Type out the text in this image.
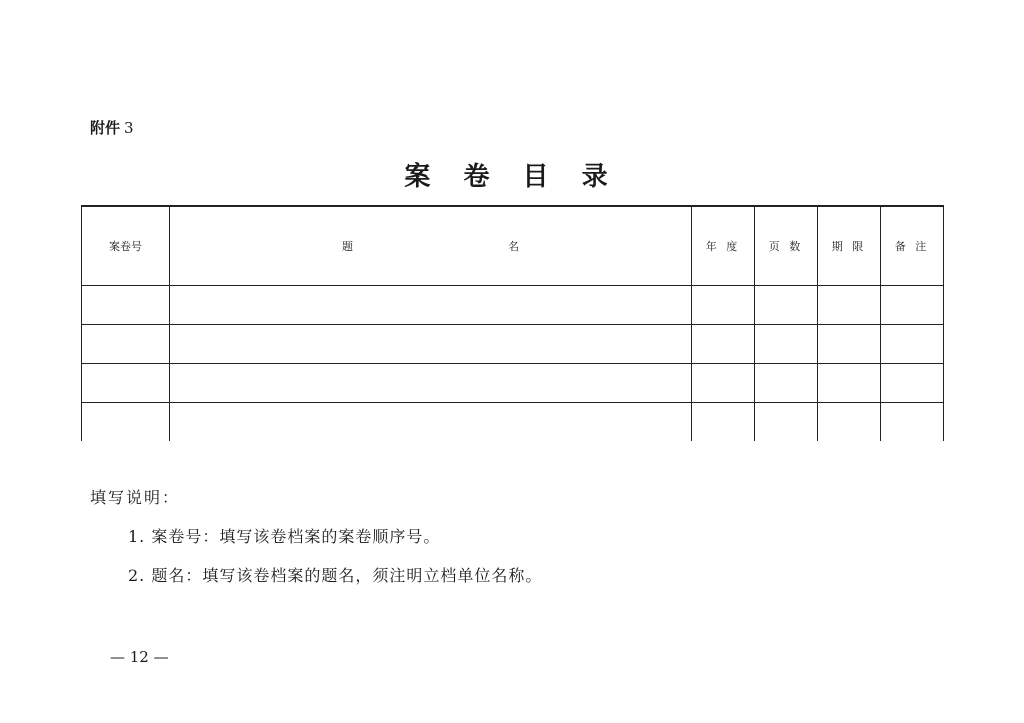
附件 3
案 卷 目 录
案卷号	题 名	年 度	页 数	期 限	备 注

填写说明：
1. 案卷号：填写该卷档案的案卷顺序号。
2. 题名：填写该卷档案的题名，须注明立档单位名称。
— 12 —
